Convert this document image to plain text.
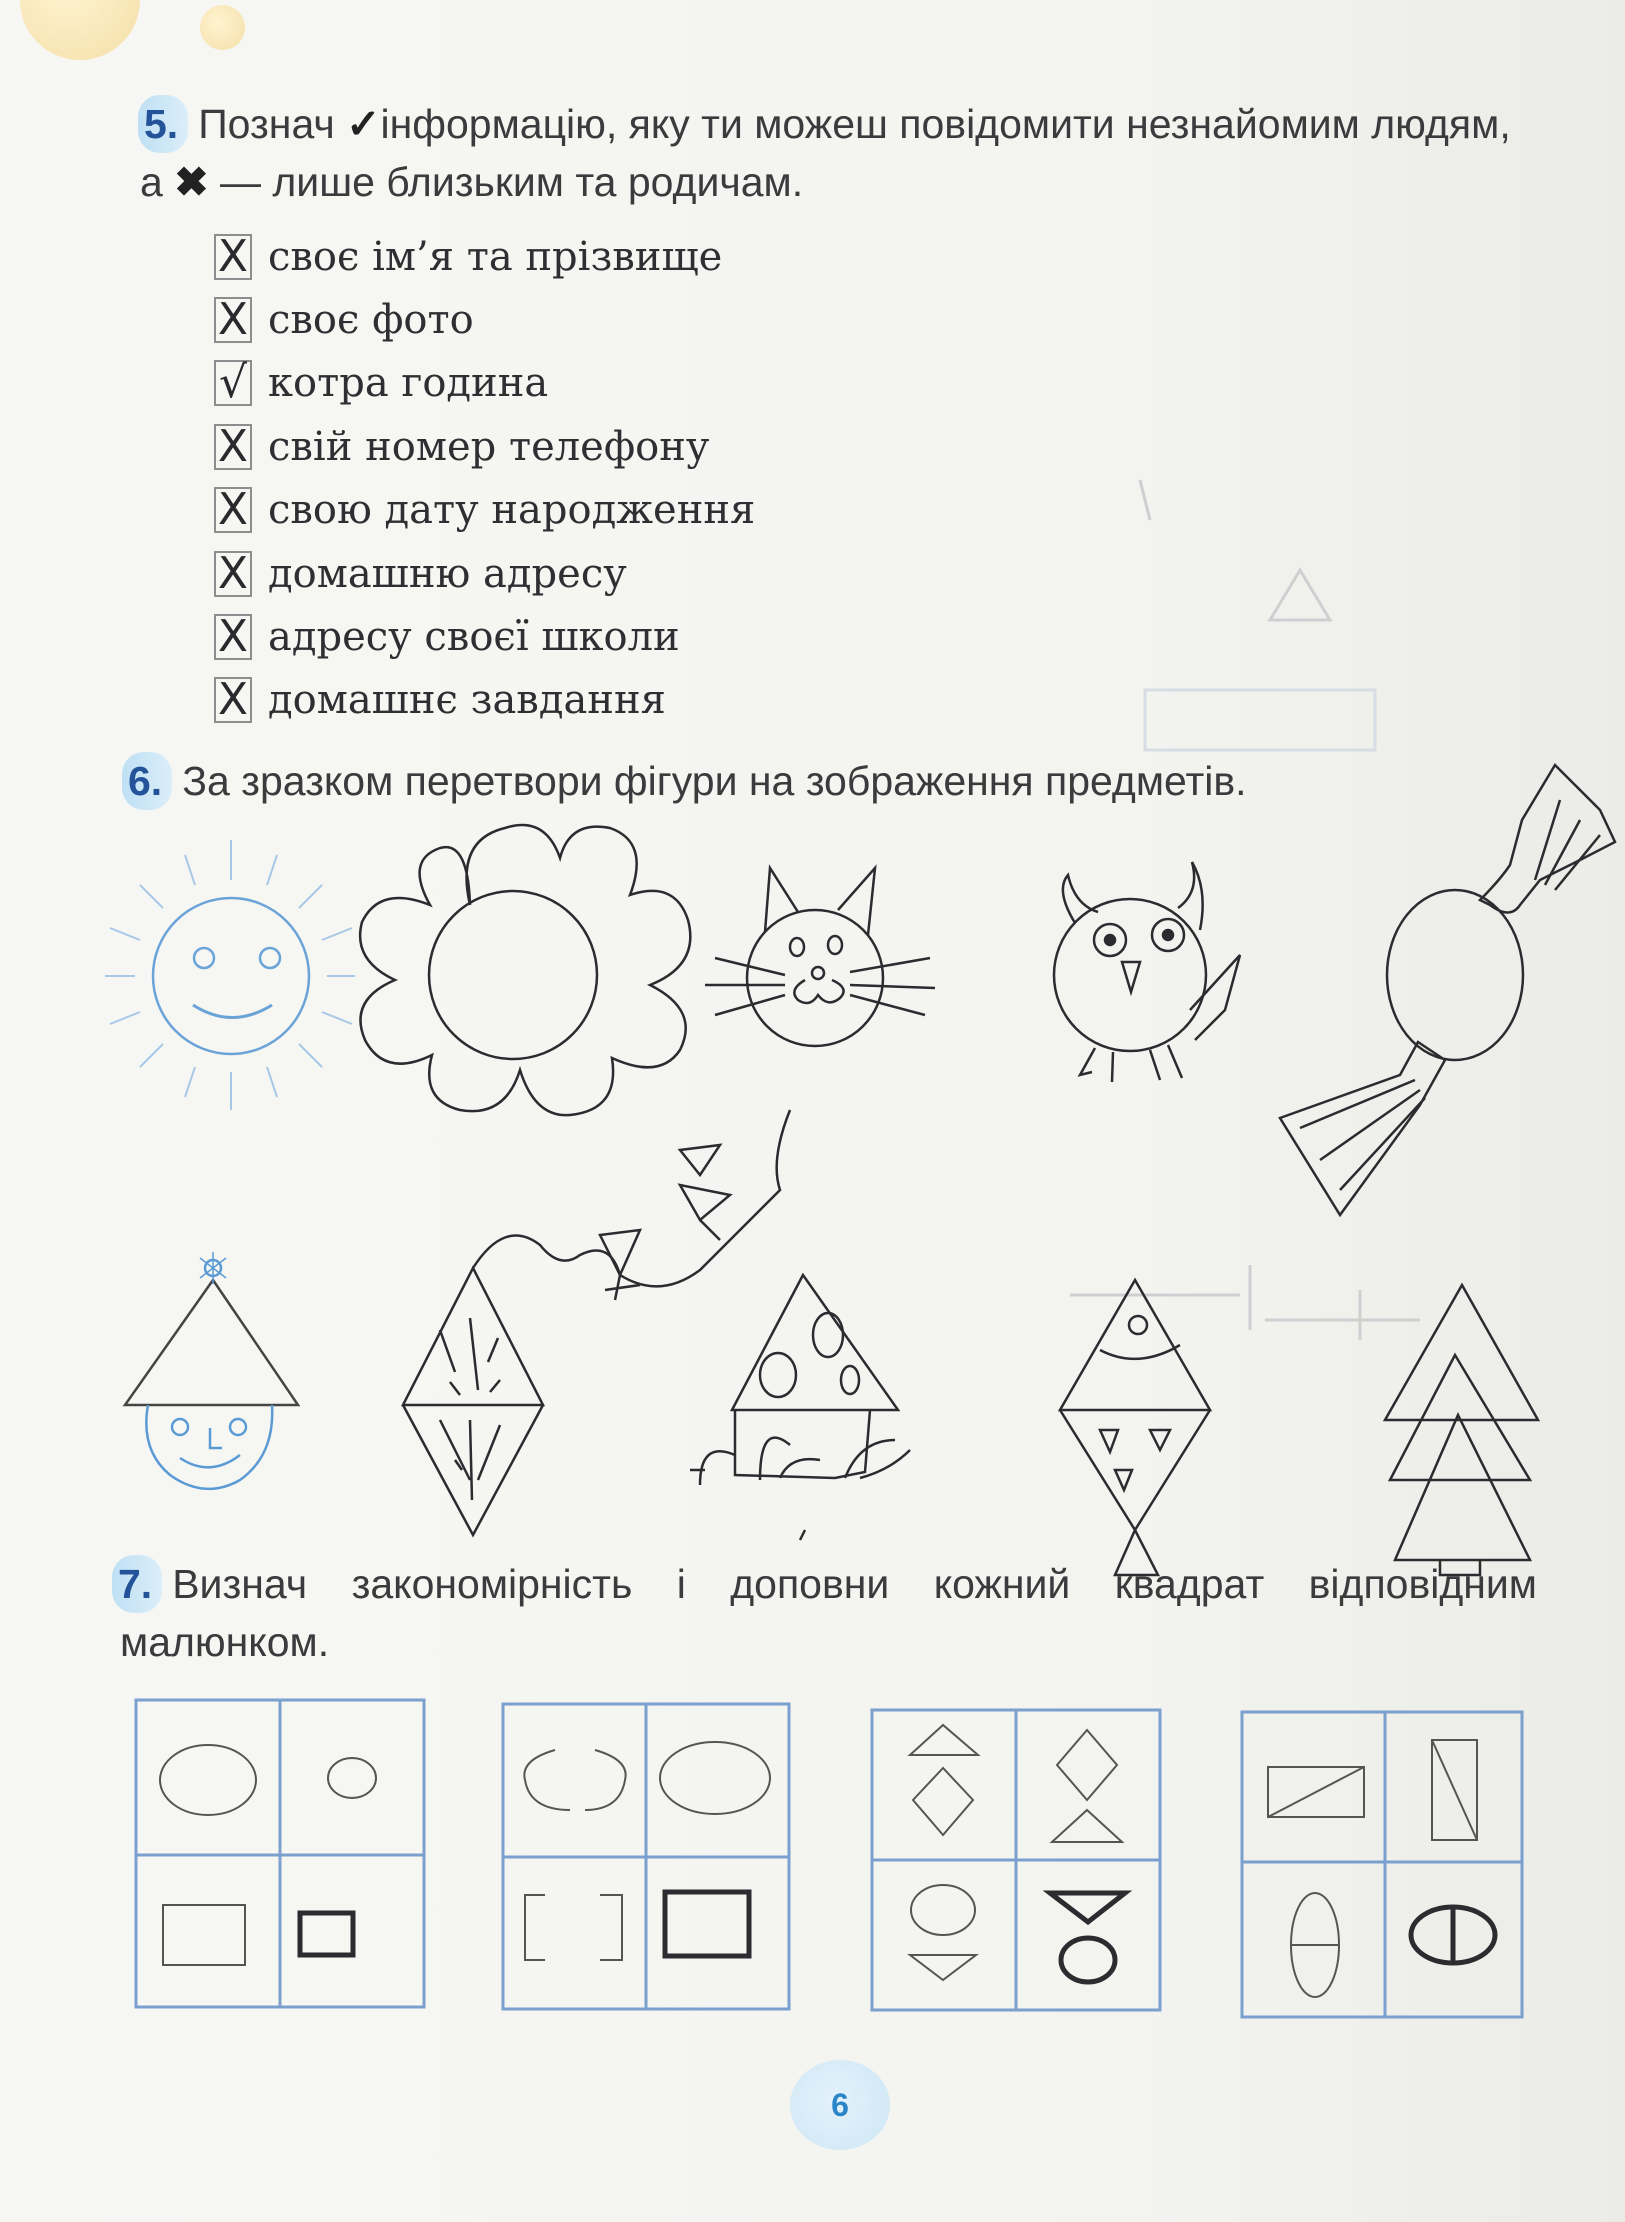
5. Познач ✓інформацію, яку ти можеш повідомити незнайомим людям,
а ✖ — лише близьким та родичам.
X своє ім’я та прізвище
X своє фото
√ котра година
X свій номер телефону
X свою дату народження
X домашню адресу
X адресу своєї школи
X домашнє завдання
6. За зразком перетвори фігури на зображення предметів.
7. Визнач закономірність і доповни кожний квадрат відповідним
малюнком.
6
